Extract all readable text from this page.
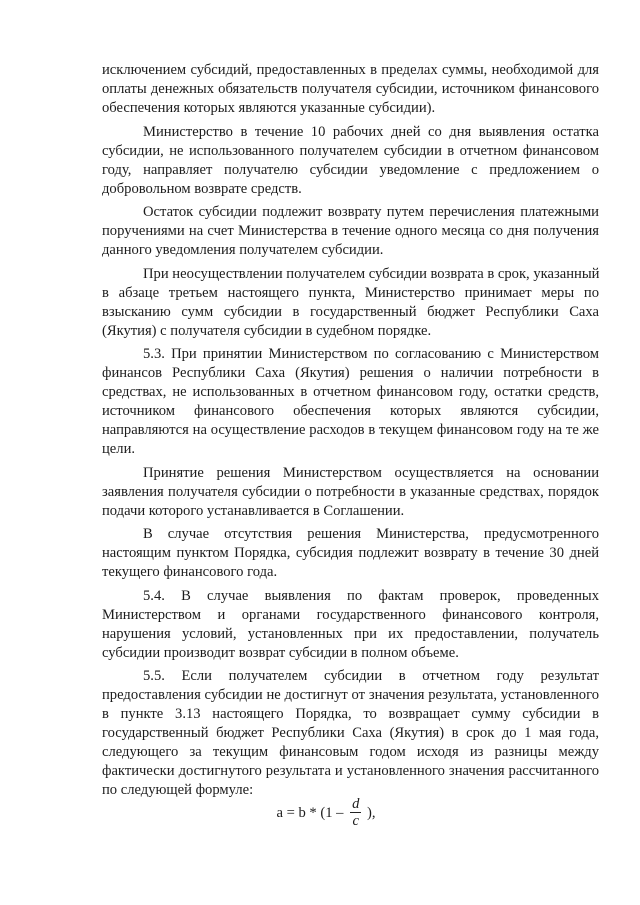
исключением субсидий, предоставленных в пределах суммы, необходимой для
оплаты денежных обязательств получателя субсидии, источником финансового
обеспечения которых являются указанные субсидии).
Министерство в течение 10 рабочих дней со дня выявления остатка
субсидии, не использованного получателем субсидии в отчетном финансовом
году, направляет получателю субсидии уведомление с предложением о
добровольном возврате средств.
Остаток субсидии подлежит возврату путем перечисления платежными
поручениями на счет Министерства в течение одного месяца со дня получения
данного уведомления получателем субсидии.
При неосуществлении получателем субсидии возврата в срок, указанный
в абзаце третьем настоящего пункта, Министерство принимает меры по
взысканию сумм субсидии в государственный бюджет Республики Саха
(Якутия) с получателя субсидии в судебном порядке.
5.3. При принятии Министерством по согласованию с Министерством
финансов Республики Саха (Якутия) решения о наличии потребности в
средствах, не использованных в отчетном финансовом году, остатки средств,
источником финансового обеспечения которых являются субсидии,
направляются на осуществление расходов в текущем финансовом году на те же
цели.
Принятие решения Министерством осуществляется на основании
заявления получателя субсидии о потребности в указанные средствах, порядок
подачи которого устанавливается в Соглашении.
В случае отсутствия решения Министерства, предусмотренного
настоящим пунктом Порядка, субсидия подлежит возврату в течение 30 дней
текущего финансового года.
5.4. В случае выявления по фактам проверок, проведенных
Министерством и органами государственного финансового контроля,
нарушения условий, установленных при их предоставлении, получатель
субсидии производит возврат субсидии в полном объеме.
5.5. Если получателем субсидии в отчетном году результат
предоставления субсидии не достигнут от значения результата, установленного
в пункте 3.13 настоящего Порядка, то возвращает сумму субсидии в
государственный бюджет Республики Саха (Якутия) в срок до 1 мая года,
следующего за текущим финансовым годом исходя из разницы между
фактически достигнутого результата и установленного значения рассчитанного
по следующей формуле:
$a = b * (1 - \frac{d}{c}$ ),
